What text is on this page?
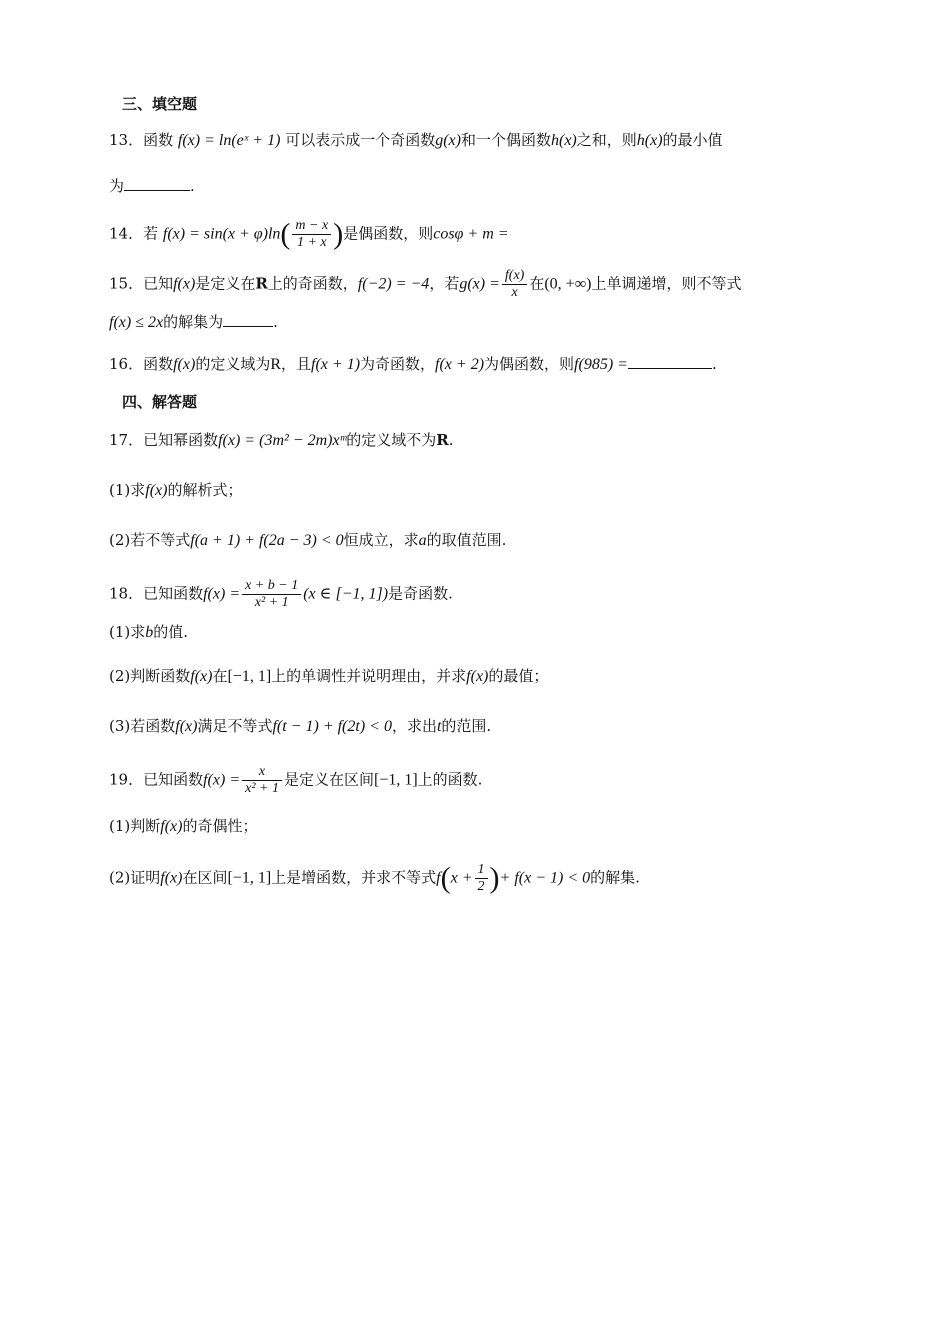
三、填空题
13．函数 f(x) = ln(eˣ + 1) 可以表示成一个奇函数g(x)和一个偶函数h(x)之和，则h(x)的最小值
为	.
14．若 $f(x) = \sin(x + \varphi)\ln( \frac{m - x}{1 + x}$ )是偶函数，则cosφ + m =
15．已知f(x)是定义在R上的奇函数，f(−2) = −4，若$g(x) = \frac{f(x)}{x}$ 在(0, +∞)上单调递增，则不等式
f(x) ≤ 2x的解集为	.
16．函数f(x)的定义域为R，且f(x + 1)为奇函数，f(x + 2)为偶函数，则f(985) =	.
四、解答题
17．已知幂函数f(x) = (3m² − 2m)xᵐ的定义域不为R.
(1)求f(x)的解析式；
(2)若不等式f(a + 1) + f(2a − 3) < 0恒成立，求a的取值范围.
18．已知函数$f(x) = \frac{x + b - 1}{\text{x² + 1}} (x$ ∈ [−1, 1])是奇函数.
(1)求b的值.
(2)判断函数f(x)在[−1, 1]上的单调性并说明理由，并求f(x)的最值；
(3)若函数f(x)满足不等式f(t − 1) + f(2t) < 0，求出t的范围.
19．已知函数$f(x) = \frac{x}{\text{x² + 1}}$ 是定义在区间[−1, 1]上的函数.
(1)判断f(x)的奇偶性；
(2)证明f(x)在区间[−1, 1]上是增函数，并求不等式$f(x + \frac{1}{2}$ )+ f(x − 1) < 0的解集.
